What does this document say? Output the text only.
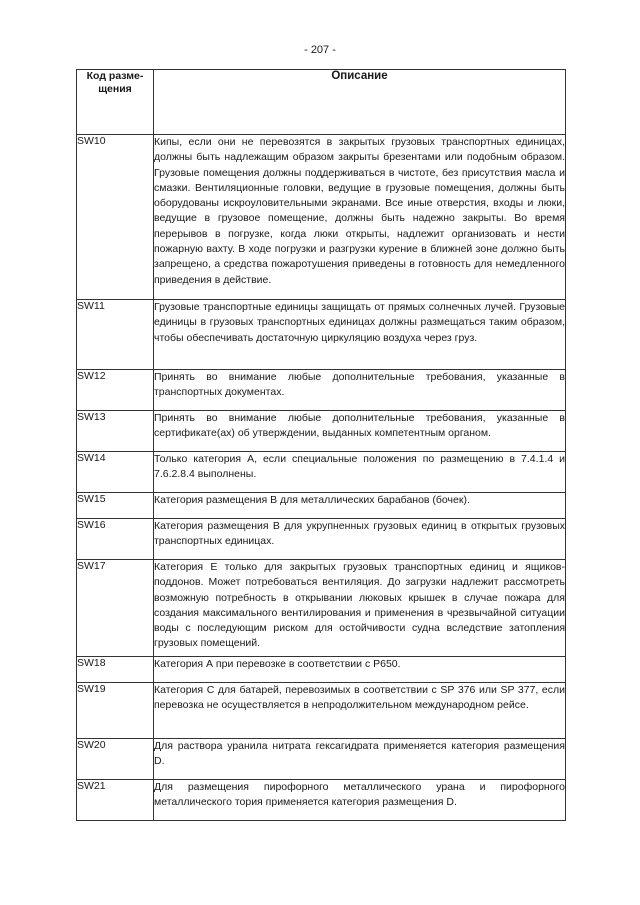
- 207 -
Код разме-
щения	Описание
SW10	Кипы, если они не перевозятся в закрытых грузовых транспортных единицах, должны быть надлежащим образом закрыты брезентами или подобным образом. Грузовые помещения должны поддерживаться в чистоте, без присутствия масла и смазки. Вентиляционные головки, ведущие в грузовые помещения, должны быть оборудованы искроуловительными экранами. Все иные отверстия, входы и люки, ведущие в грузовое помещение, должны быть надежно закрыты. Во время перерывов в погрузке, когда люки открыты, надлежит организовать и нести пожарную вахту. В ходе погрузки и разгрузки курение в ближней зоне должно быть запрещено, а средства пожаротушения приведены в готовность для немедленного приведения в действие.
SW11	Грузовые транспортные единицы защищать от прямых солнечных лучей. Грузовые единицы в грузовых транспортных единицах должны размещаться таким образом, чтобы обеспечивать достаточную циркуляцию воздуха через груз.
SW12	Принять во внимание любые дополнительные требования, указанные в транспортных документах.
SW13	Принять во внимание любые дополнительные требования, указанные в сертификате(ах) об утверждении, выданных компетентным органом.
SW14	Только категория А, если специальные положения по размещению в 7.4.1.4 и 7.6.2.8.4 выполнены.
SW15	Категория размещения В для металлических барабанов (бочек).
SW16	Категория размещения В для укрупненных грузовых единиц в открытых грузовых транспортных единицах.
SW17	Категория Е только для закрытых грузовых транспортных единиц и ящиков-поддонов. Может потребоваться вентиляция. До загрузки надлежит рассмотреть возможную потребность в открывании люковых крышек в случае пожара для создания максимального вентилирования и применения в чрезвычайной ситуации воды с последующим риском для остойчивости судна вследствие затопления грузовых помещений.
SW18	Категория А при перевозке в соответствии с Р650.
SW19	Категория С для батарей, перевозимых в соответствии с SP 376 или SP 377, если перевозка не осуществляется в непродолжительном международном рейсе.
SW20	Для раствора уранила нитрата гексагидрата применяется категория размещения D.
SW21	Для размещения пирофорного металлического урана и пирофорного металлического тория применяется категория размещения D.
